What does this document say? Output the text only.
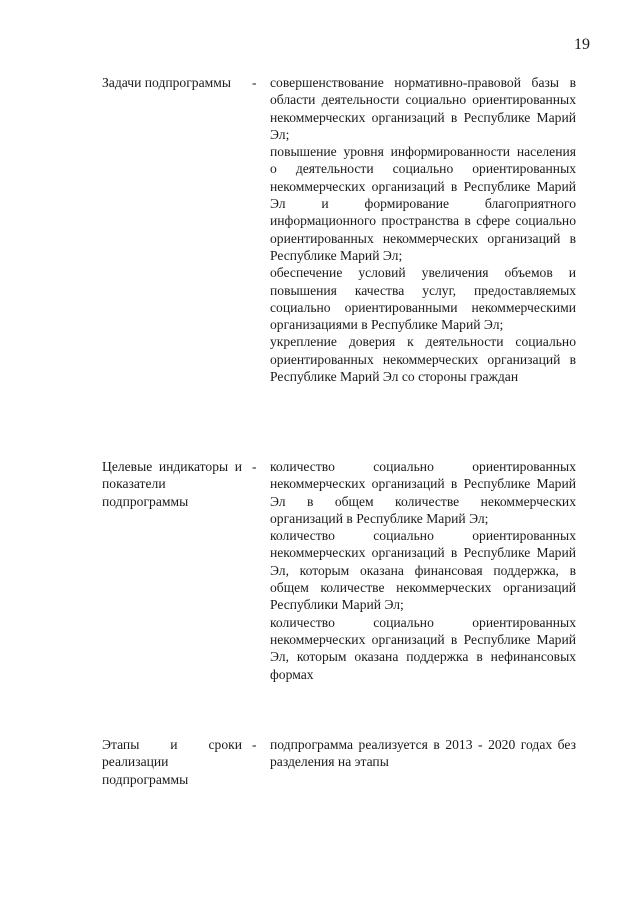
19
Задачи подпрограммы	- совершенствование нормативно-правовой базы в области деятельности социально ориентированных некоммерческих организаций в Республике Марий Эл;

повышение уровня информированности населения о деятельности социально ориентированных некоммерческих организаций в Республике Марий Эл и формирование благоприятного информационного пространства в сфере социально ориентированных некоммерческих организаций в Республике Марий Эл;

обеспечение условий увеличения объемов и повышения качества услуг, предоставляемых социально ориентированными некоммерческими организациями в Республике Марий Эл;

укрепление доверия к деятельности социально ориентированных некоммерческих организаций в Республике Марий Эл со стороны граждан

Целевые индикаторы и показатели подпрограммы
- количество социально ориентированных некоммерческих организаций в Республике Марий Эл в общем количестве некоммерческих организаций в Республике Марий Эл;

количество социально ориентированных некоммерческих организаций в Республике Марий Эл, которым оказана финансовая поддержка, в общем количестве некоммерческих организаций Республики Марий Эл;

количество социально ориентированных некоммерческих организаций в Республике Марий Эл, которым оказана поддержка в нефинансовых формах

Этапы и сроки реализации подпрограммы
- подпрограмма реализуется в 2013 - 2020 годах без разделения на этапы
